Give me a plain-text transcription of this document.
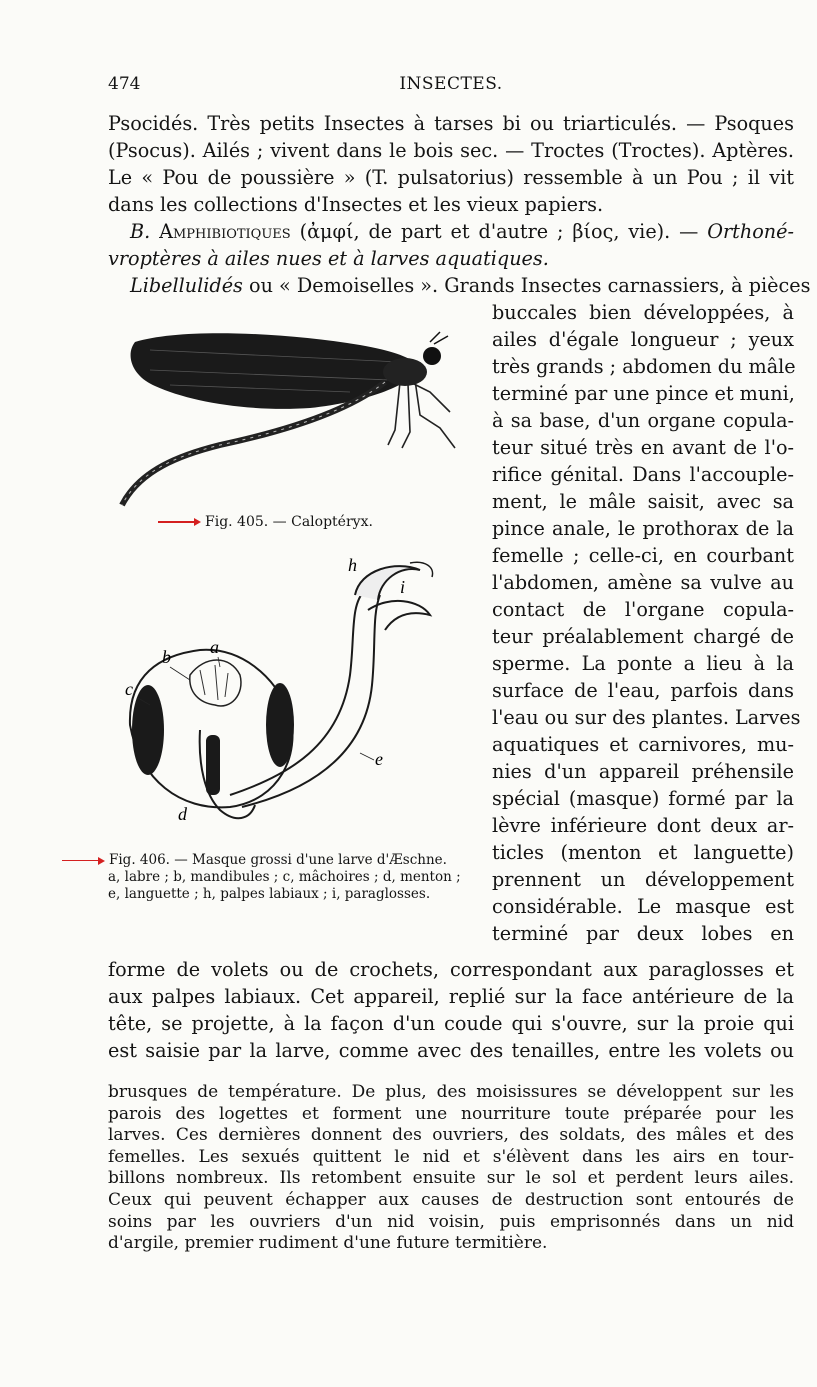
474	INSECTES.
Psocidés. Très petits Insectes à tarses bi ou triarticulés. — Psoques
(Psocus). Ailés ; vivent dans le bois sec. — Troctes (Troctes). Aptères.
Le « Pou de poussière » (T. pulsatorius) ressemble à un Pou ; il vit
dans les collections d'Insectes et les vieux papiers.
B. Amphibiotiques (ἀμφί, de part et d'autre ; βίος, vie). — Orthoné-
vroptères à ailes nues et à larves aquatiques.
Libellulidés ou « Demoiselles ». Grands Insectes carnassiers, à pièces
Fig. 405. — Caloptéryx.
h
i
b a
c
e
d
Fig. 406. — Masque grossi d'une larve d'Æschne.
a, labre ; b, mandibules ; c, mâchoires ; d, menton ; e, languette ; h, palpes labiaux ; i, paraglosses.
buccales bien développées, à
ailes d'égale longueur ; yeux
très grands ; abdomen du mâle
terminé par une pince et muni,
à sa base, d'un organe copula-
teur situé très en avant de l'o-
rifice génital. Dans l'accouple-
ment, le mâle saisit, avec sa
pince anale, le prothorax de la
femelle ; celle-ci, en courbant
l'abdomen, amène sa vulve au
contact de l'organe copula-
teur préalablement chargé de
sperme. La ponte a lieu à la
surface de l'eau, parfois dans
l'eau ou sur des plantes. Larves
aquatiques et carnivores, mu-
nies d'un appareil préhensile
spécial (masque) formé par la
lèvre inférieure dont deux ar-
ticles (menton et languette)
prennent un développement
considérable. Le masque est
terminé par deux lobes en
forme de volets ou de crochets, correspondant aux paraglosses et
aux palpes labiaux. Cet appareil, replié sur la face antérieure de la
tête, se projette, à la façon d'un coude qui s'ouvre, sur la proie qui
est saisie par la larve, comme avec des tenailles, entre les volets ou
brusques de température. De plus, des moisissures se développent sur les
parois des logettes et forment une nourriture toute préparée pour les
larves. Ces dernières donnent des ouvriers, des soldats, des mâles et des
femelles. Les sexués quittent le nid et s'élèvent dans les airs en tour-
billons nombreux. Ils retombent ensuite sur le sol et perdent leurs ailes.
Ceux qui peuvent échapper aux causes de destruction sont entourés de
soins par les ouvriers d'un nid voisin, puis emprisonnés dans un nid
d'argile, premier rudiment d'une future termitière.
